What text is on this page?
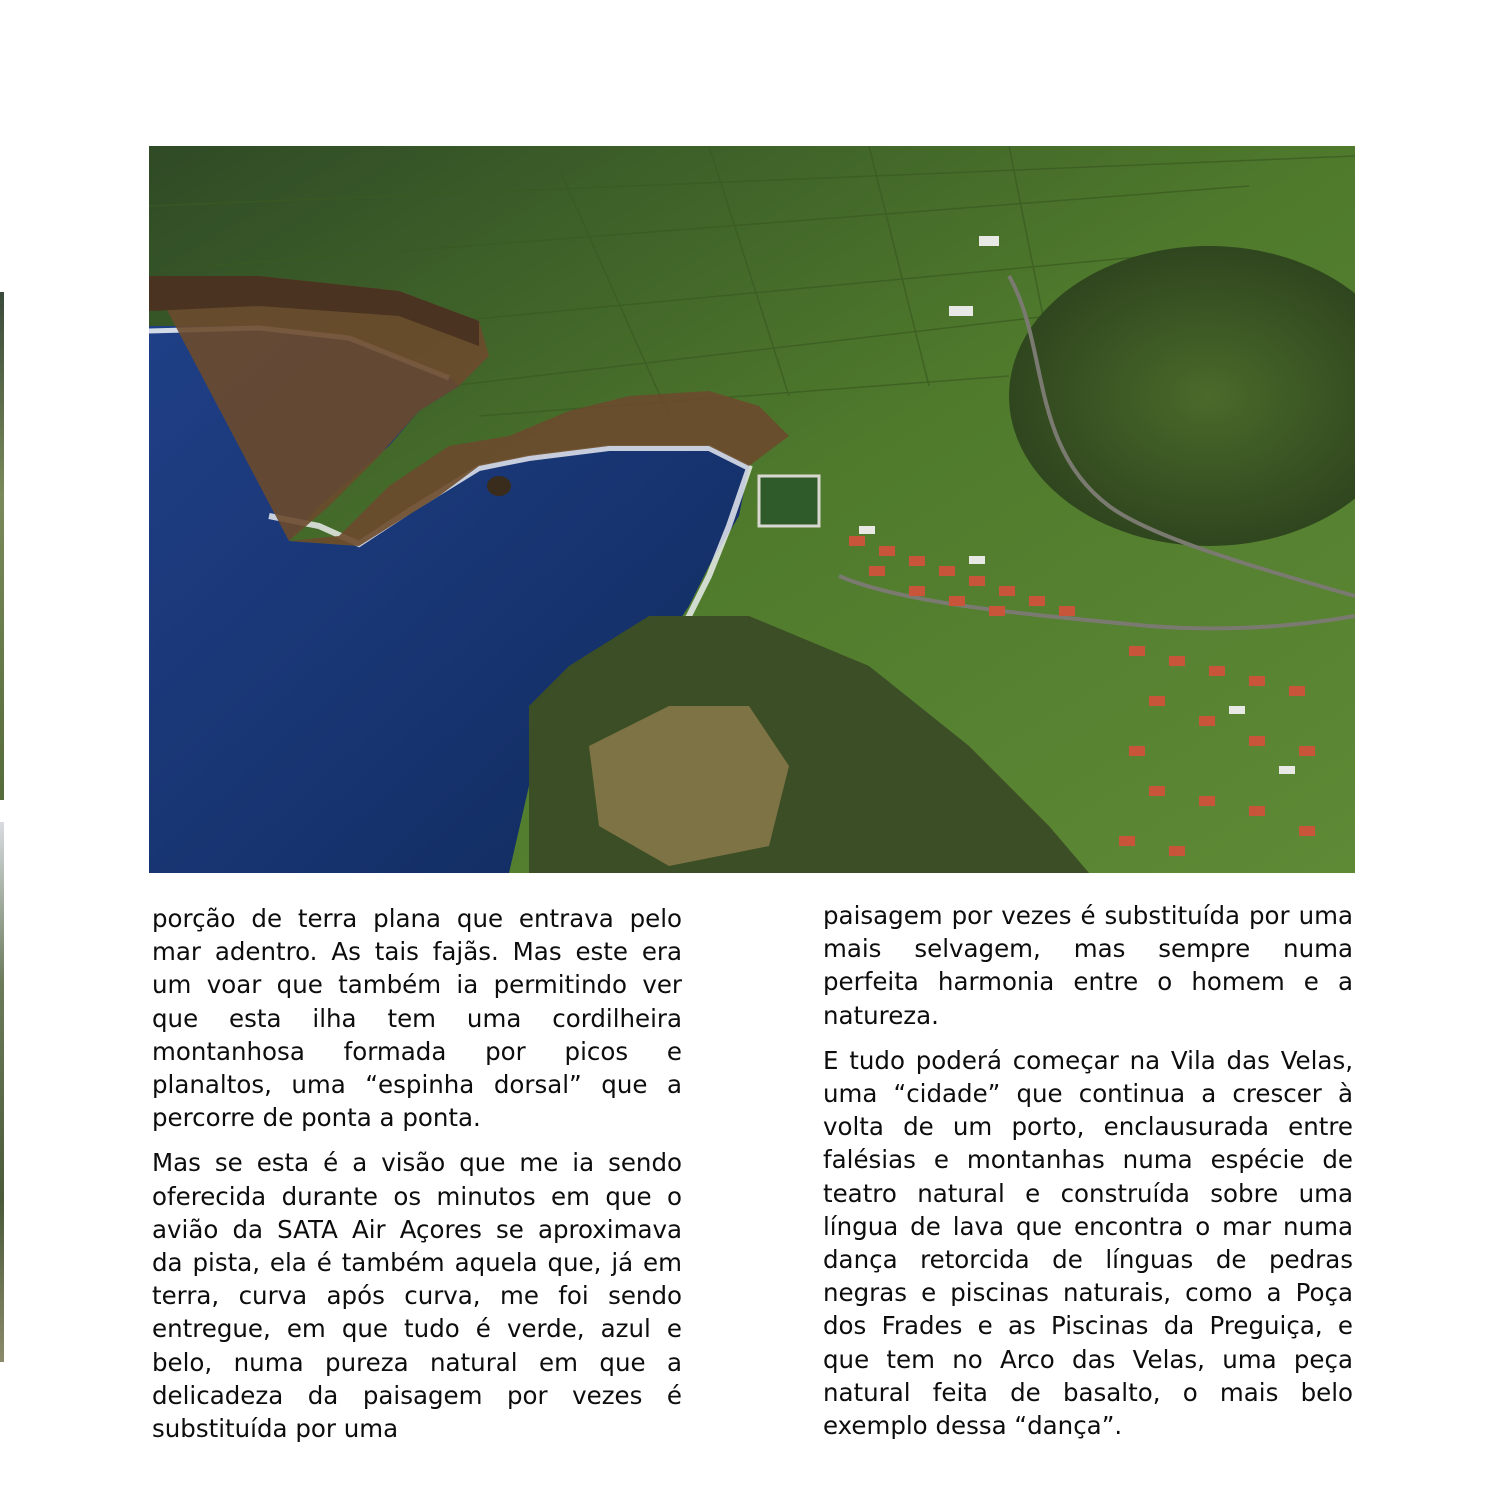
porção de terra plana que entrava pelo mar adentro. As tais fajãs. Mas este era um voar que também ia permitindo ver que esta ilha tem uma cordilheira montanhosa formada por picos e planaltos, uma “espinha dorsal” que a percorre de ponta a ponta.

Mas se esta é a visão que me ia sendo oferecida durante os minutos em que o avião da SATA Air Açores se aproximava da pista, ela é também aquela que, já em terra, curva após curva, me foi sendo entregue, em que tudo é verde, azul e belo, numa pureza natural em que a delicadeza da paisagem por vezes é substituída por uma

paisagem por vezes é substituída por uma mais selvagem, mas sempre numa perfeita harmonia entre o homem e a natureza.

E tudo poderá começar na Vila das Velas, uma “cidade” que continua a crescer à volta de um porto, enclausurada entre falésias e montanhas numa espécie de teatro natural e construída sobre uma língua de lava que encontra o mar numa dança retorcida de línguas de pedras negras e piscinas naturais, como a Poça dos Frades e as Piscinas da Preguiça, e que tem no Arco das Velas, uma peça natural feita de basalto, o mais belo exemplo dessa “dança”.
